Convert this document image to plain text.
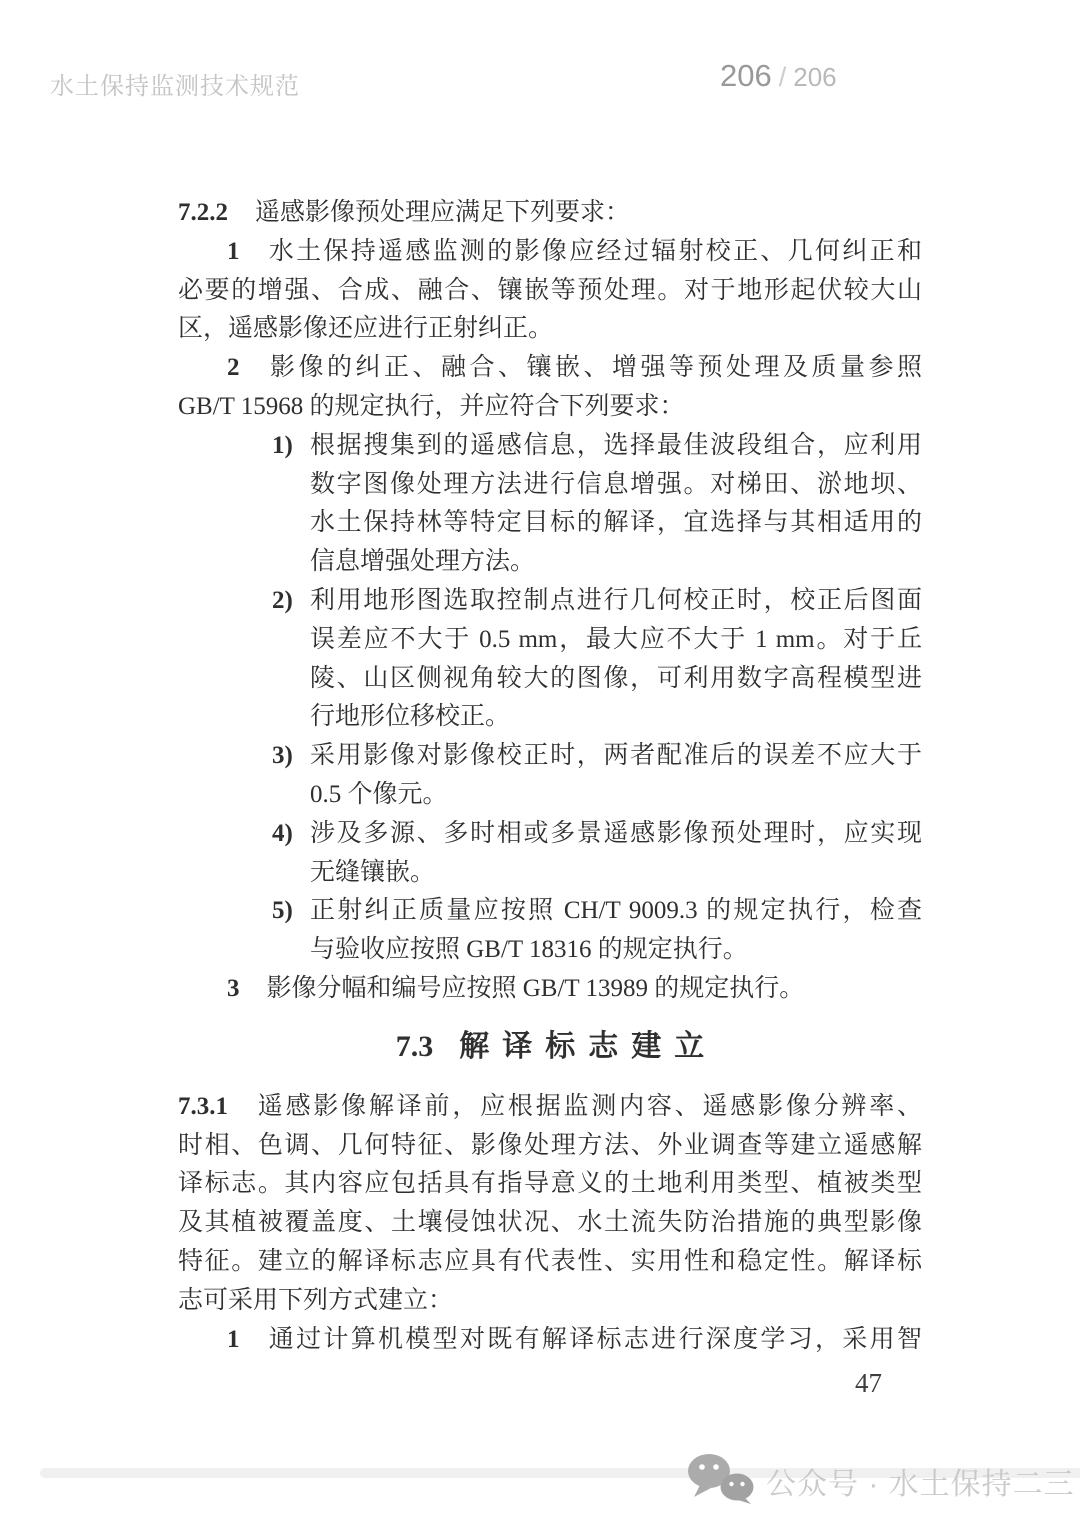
水土保持监测技术规范	206 / 206
7.2.2 遥感影像预处理应满足下列要求：
1 水土保持遥感监测的影像应经过辐射校正、几何纠正和
必要的增强、合成、融合、镶嵌等预处理。对于地形起伏较大山
区，遥感影像还应进行正射纠正。
2 影像的纠正、融合、镶嵌、增强等预处理及质量参照
GB/T 15968 的规定执行，并应符合下列要求：
1) 根据搜集到的遥感信息，选择最佳波段组合，应利用
数字图像处理方法进行信息增强。对梯田、淤地坝、
水土保持林等特定目标的解译，宜选择与其相适用的
信息增强处理方法。
2) 利用地形图选取控制点进行几何校正时，校正后图面
误差应不大于 0.5 mm，最大应不大于 1 mm。对于丘
陵、山区侧视角较大的图像，可利用数字高程模型进
行地形位移校正。
3) 采用影像对影像校正时，两者配准后的误差不应大于
0.5 个像元。
4) 涉及多源、多时相或多景遥感影像预处理时，应实现
无缝镶嵌。
5) 正射纠正质量应按照 CH/T 9009.3 的规定执行，检查
与验收应按照 GB/T 18316 的规定执行。
3 影像分幅和编号应按照 GB/T 13989 的规定执行。
7.3 解译标志建立
7.3.1 遥感影像解译前，应根据监测内容、遥感影像分辨率、
时相、色调、几何特征、影像处理方法、外业调查等建立遥感解
译标志。其内容应包括具有指导意义的土地利用类型、植被类型
及其植被覆盖度、土壤侵蚀状况、水土流失防治措施的典型影像
特征。建立的解译标志应具有代表性、实用性和稳定性。解译标
志可采用下列方式建立：
1 通过计算机模型对既有解译标志进行深度学习，采用智
47
公众号 · 水土保持二三
